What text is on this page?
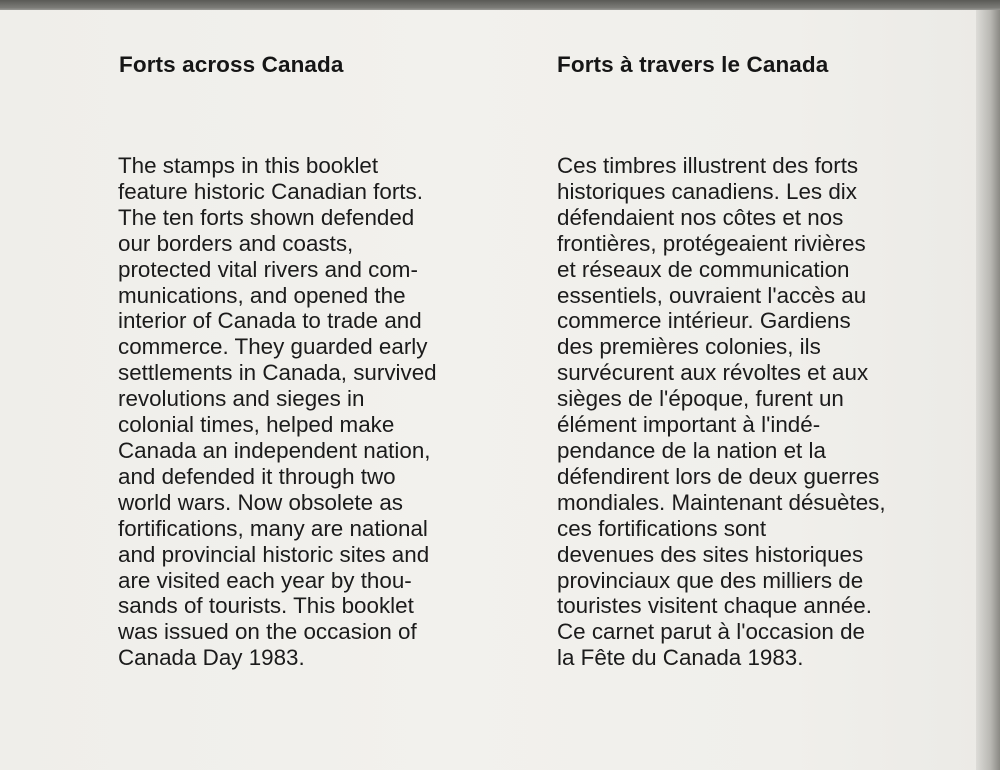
Forts across Canada	Forts à travers le Canada
The stamps in this booklet
feature historic Canadian forts.
The ten forts shown defended
our borders and coasts,
protected vital rivers and com-
munications, and opened the
interior of Canada to trade and
commerce. They guarded early
settlements in Canada, survived
revolutions and sieges in
colonial times, helped make
Canada an independent nation,
and defended it through two
world wars. Now obsolete as
fortifications, many are national
and provincial historic sites and
are visited each year by thou-
sands of tourists. This booklet
was issued on the occasion of
Canada Day 1983.
Ces timbres illustrent des forts
historiques canadiens. Les dix
défendaient nos côtes et nos
frontières, protégeaient rivières
et réseaux de communication
essentiels, ouvraient l'accès au
commerce intérieur. Gardiens
des premières colonies, ils
survécurent aux révoltes et aux
sièges de l'époque, furent un
élément important à l'indé-
pendance de la nation et la
défendirent lors de deux guerres
mondiales. Maintenant désuètes,
ces fortifications sont
devenues des sites historiques
provinciaux que des milliers de
touristes visitent chaque année.
Ce carnet parut à l'occasion de
la Fête du Canada 1983.
